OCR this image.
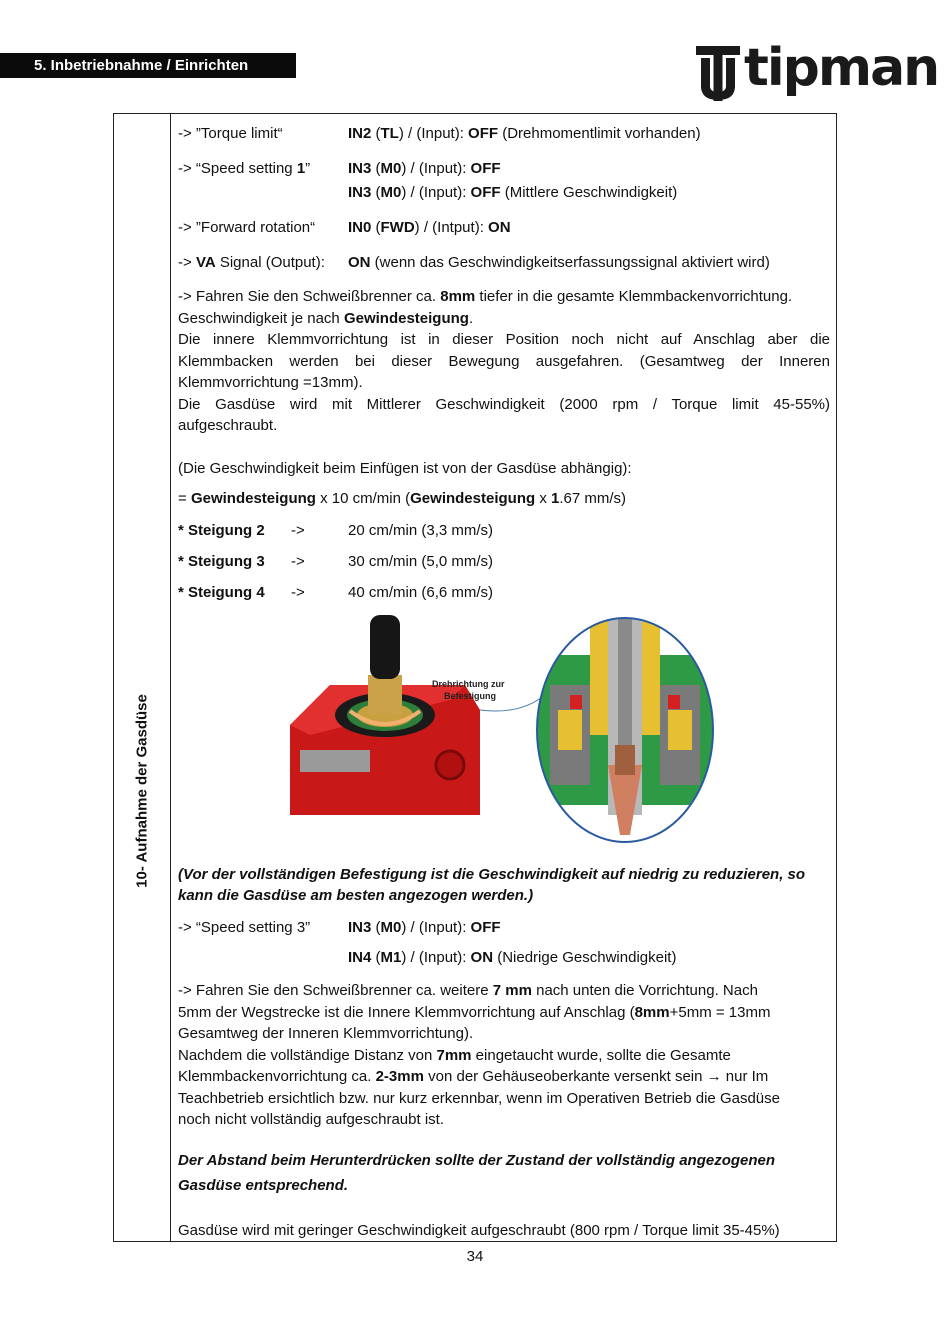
5. Inbetriebnahme / Einrichten	tipman
10- Aufnahme der Gasdüse
-> ”Torque limit“	IN2 (TL) / (Input): OFF (Drehmomentlimit vorhanden)
-> “Speed setting 1”	IN3 (M0) / (Input): OFF
IN3 (M0) / (Input): OFF (Mittlere Geschwindigkeit)
-> ”Forward rotation“ IN0 (FWD) / (Intput): ON
-> VA Signal (Output): ON (wenn das Geschwindigkeitserfassungssignal aktiviert wird)
-> Fahren Sie den Schweißbrenner ca. 8mm tiefer in die gesamte Klemmbackenvorrichtung.
Geschwindigkeit je nach Gewindesteigung.
Die innere Klemmvorrichtung ist in dieser Position noch nicht auf Anschlag aber die
Klemmbacken werden bei dieser Bewegung ausgefahren. (Gesamtweg der Inneren
Klemmvorrichtung =13mm).
Die Gasdüse wird mit Mittlerer Geschwindigkeit (2000 rpm / Torque limit 45-55%)
aufgeschraubt.
(Die Geschwindigkeit beim Einfügen ist von der Gasdüse abhängig):
= Gewindesteigung x 10 cm/min (Gewindesteigung x 1.67 mm/s)
* Steigung 2 ->	20 cm/min (3,3 mm/s)
* Steigung 3 ->	30 cm/min (5,0 mm/s)
* Steigung 4 ->	40 cm/min (6,6 mm/s)
(Vor der vollständigen Befestigung ist die Geschwindigkeit auf niedrig zu reduzieren, so
kann die Gasdüse am besten angezogen werden.)
-> “Speed setting 3”	IN3 (M0) / (Input): OFF
IN4 (M1) / (Input): ON (Niedrige Geschwindigkeit)
-> Fahren Sie den Schweißbrenner ca. weitere 7 mm nach unten die Vorrichtung. Nach
5mm der Wegstrecke ist die Innere Klemmvorrichtung auf Anschlag (8mm+5mm = 13mm
Gesamtweg der Inneren Klemmvorrichtung).
Nachdem die vollständige Distanz von 7mm eingetaucht wurde, sollte die Gesamte
Klemmbackenvorrichtung ca. 2-3mm von der Gehäuseoberkante versenkt sein → nur Im
Teachbetrieb ersichtlich bzw. nur kurz erkennbar, wenn im Operativen Betrieb die Gasdüse
noch nicht vollständig aufgeschraubt ist.
Der Abstand beim Herunterdrücken sollte der Zustand der vollständig angezogenen
Gasdüse entsprechend.
Gasdüse wird mit geringer Geschwindigkeit aufgeschraubt (800 rpm / Torque limit 35-45%)
Drehrichtung zur Befestigung
34
